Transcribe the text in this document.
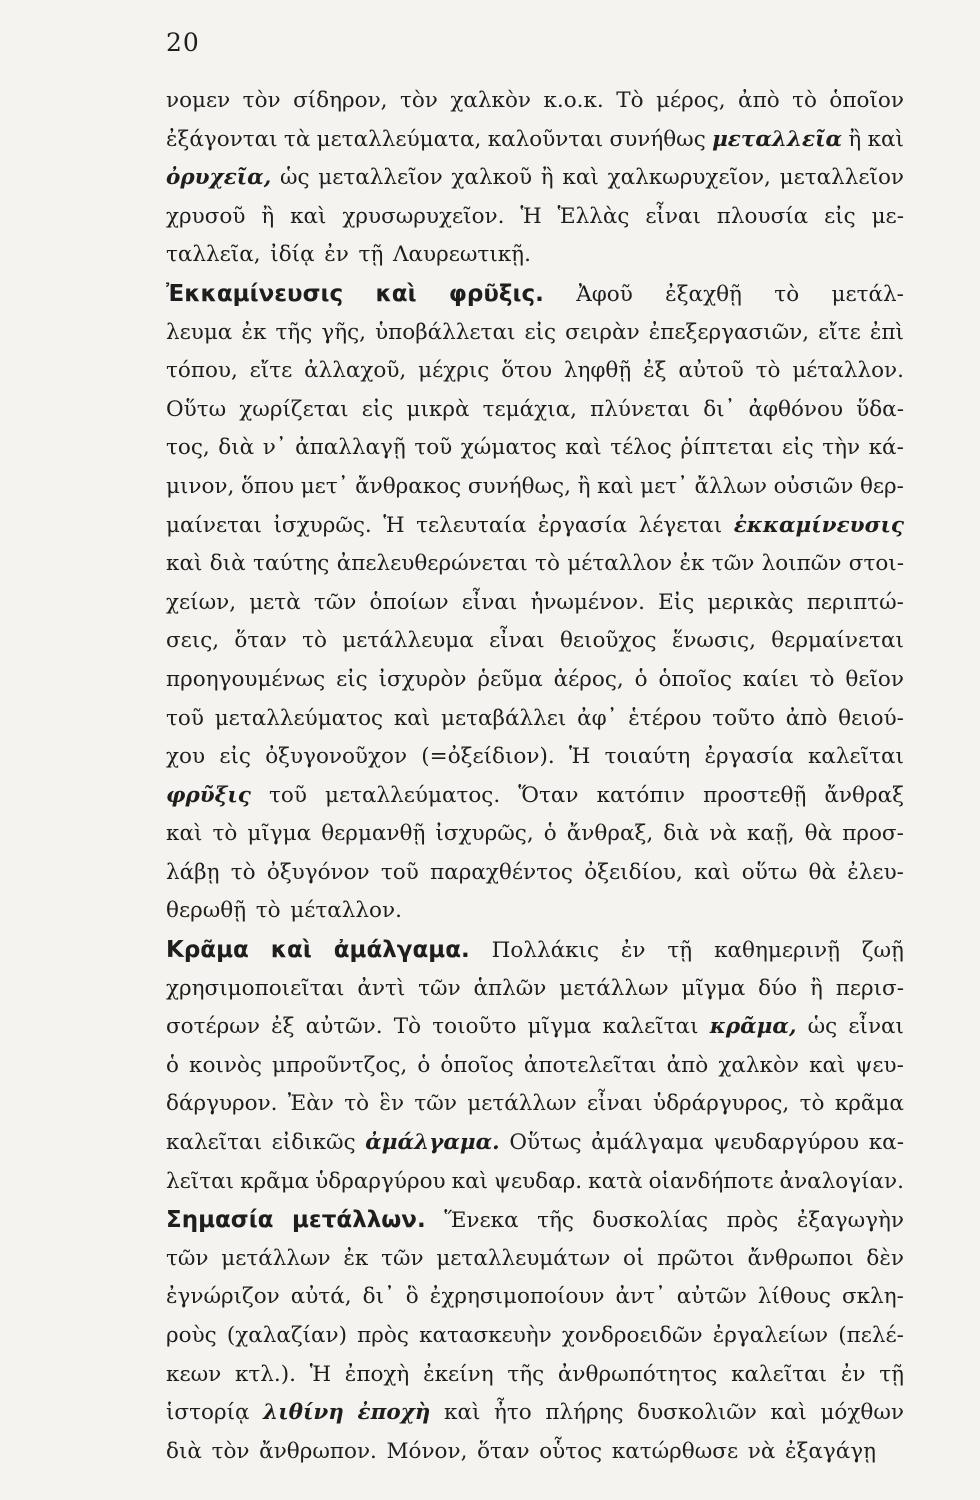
20
νομεν τὸν σίδηρον, τὸν χαλκὸν κ.ο.κ. Τὸ μέρος, ἀπὸ τὸ ὁποῖον
ἐξάγονται τὰ μεταλλεύματα, καλοῦνται συνήθως μεταλλεῖα ἢ καὶ
ὀρυχεῖα, ὡς μεταλλεῖον χαλκοῦ ἢ καὶ χαλκωρυχεῖον, μεταλλεῖον
χρυσοῦ ἢ καὶ χρυσωρυχεῖον. Ἡ Ἑλλὰς εἶναι πλουσία εἰς με-
ταλλεῖα, ἰδίᾳ ἐν τῇ Λαυρεωτικῇ.
Ἐκκαμίνευσις καὶ φρῦξις. Ἀφοῦ ἐξαχθῇ τὸ μετάλ-
λευμα ἐκ τῆς γῆς, ὑποβάλλεται εἰς σειρὰν ἐπεξεργασιῶν, εἴτε ἐπὶ
τόπου, εἴτε ἀλλαχοῦ, μέχρις ὅτου ληφθῇ ἐξ αὐτοῦ τὸ μέταλλον.
Οὕτω χωρίζεται εἰς μικρὰ τεμάχια, πλύνεται δι᾽ ἀφθόνου ὕδα-
τος, διὰ ν᾽ ἀπαλλαγῇ τοῦ χώματος καὶ τέλος ῥίπτεται εἰς τὴν κά-
μινον, ὅπου μετ᾽ ἄνθρακος συνήθως, ἢ καὶ μετ᾽ ἄλλων οὐσιῶν θερ-
μαίνεται ἰσχυρῶς. Ἡ τελευταία ἐργασία λέγεται ἐκκαμίνευσις
καὶ διὰ ταύτης ἀπελευθερώνεται τὸ μέταλλον ἐκ τῶν λοιπῶν στοι-
χείων, μετὰ τῶν ὁποίων εἶναι ἡνωμένον. Εἰς μερικὰς περιπτώ-
σεις, ὅταν τὸ μετάλλευμα εἶναι θειοῦχος ἕνωσις, θερμαίνεται
προηγουμένως εἰς ἰσχυρὸν ῥεῦμα ἀέρος, ὁ ὁποῖος καίει τὸ θεῖον
τοῦ μεταλλεύματος καὶ μεταβάλλει ἀφ᾽ ἑτέρου τοῦτο ἀπὸ θειού-
χου εἰς ὀξυγονοῦχον (=ὀξείδιον). Ἡ τοιαύτη ἐργασία καλεῖται
φρῦξις τοῦ μεταλλεύματος. Ὅταν κατόπιν προστεθῇ ἄνθραξ
καὶ τὸ μῖγμα θερμανθῇ ἰσχυρῶς, ὁ ἄνθραξ, διὰ νὰ καῇ, θὰ προσ-
λάβῃ τὸ ὀξυγόνον τοῦ παραχθέντος ὀξειδίου, καὶ οὕτω θὰ ἐλευ-
θερωθῇ τὸ μέταλλον.
Κρᾶμα καὶ ἀμάλγαμα. Πολλάκις ἐν τῇ καθημερινῇ ζωῇ
χρησιμοποιεῖται ἀντὶ τῶν ἁπλῶν μετάλλων μῖγμα δύο ἢ περισ-
σοτέρων ἐξ αὐτῶν. Τὸ τοιοῦτο μῖγμα καλεῖται κρᾶμα, ὡς εἶναι
ὁ κοινὸς μπροῦντζος, ὁ ὁποῖος ἀποτελεῖται ἀπὸ χαλκὸν καὶ ψευ-
δάργυρον. Ἐὰν τὸ ἓν τῶν μετάλλων εἶναι ὑδράργυρος, τὸ κρᾶμα
καλεῖται εἰδικῶς ἀμάλγαμα. Οὕτως ἀμάλγαμα ψευδαργύρου κα-
λεῖται κρᾶμα ὑδραργύρου καὶ ψευδαρ. κατὰ οἱανδήποτε ἀναλογίαν.
Σημασία μετάλλων. Ἕνεκα τῆς δυσκολίας πρὸς ἐξαγωγὴν
τῶν μετάλλων ἐκ τῶν μεταλλευμάτων οἱ πρῶτοι ἄνθρωποι δὲν
ἐγνώριζον αὐτά, δι᾽ ὃ ἐχρησιμοποίουν ἀντ᾽ αὐτῶν λίθους σκλη-
ροὺς (χαλαζίαν) πρὸς κατασκευὴν χονδροειδῶν ἐργαλείων (πελέ-
κεων κτλ.). Ἡ ἐποχὴ ἐκείνη τῆς ἀνθρωπότητος καλεῖται ἐν τῇ
ἱστορίᾳ λιθίνη ἐποχὴ καὶ ἦτο πλήρης δυσκολιῶν καὶ μόχθων
διὰ τὸν ἄνθρωπον. Μόνον, ὅταν οὗτος κατώρθωσε νὰ ἐξαγάγῃ
